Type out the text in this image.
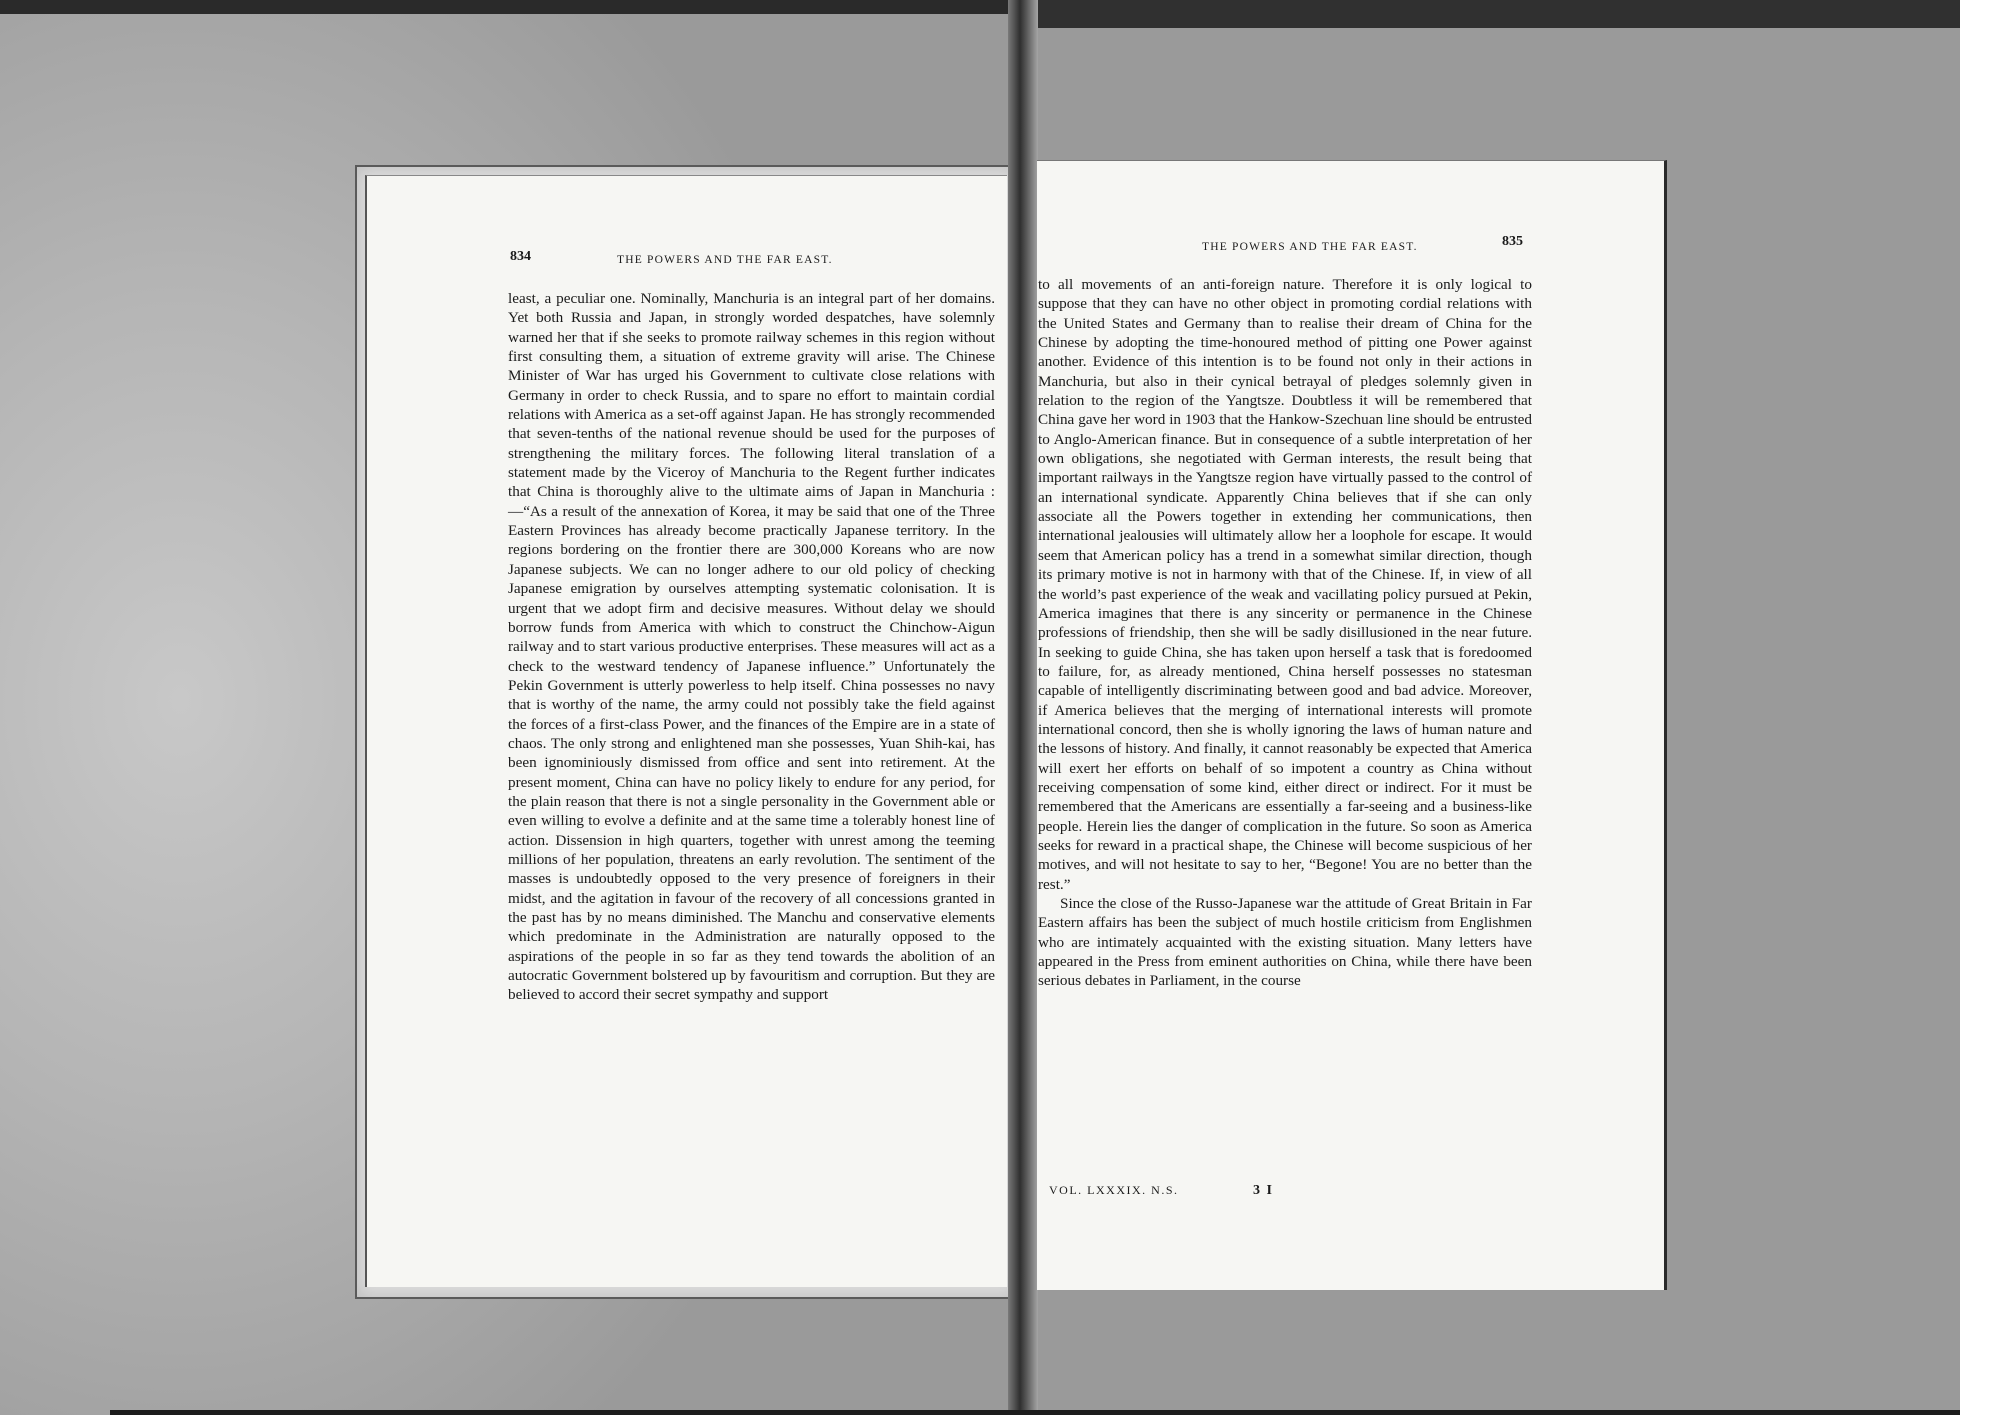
834	THE POWERS AND THE FAR EAST.

least, a peculiar one. Nominally, Manchuria is an integral part of her domains. Yet both Russia and Japan, in strongly worded despatches, have solemnly warned her that if she seeks to promote railway schemes in this region without first consulting them, a situation of extreme gravity will arise. The Chinese Minister of War has urged his Government to cultivate close relations with Germany in order to check Russia, and to spare no effort to maintain cordial relations with America as a set-off against Japan. He has strongly recommended that seven-tenths of the national revenue should be used for the purposes of strengthening the military forces. The following literal translation of a statement made by the Viceroy of Manchuria to the Regent further indicates that China is thoroughly alive to the ultimate aims of Japan in Manchuria :—“As a result of the annexation of Korea, it may be said that one of the Three Eastern Provinces has already become practically Japanese territory. In the regions bordering on the frontier there are 300,000 Koreans who are now Japanese subjects. We can no longer adhere to our old policy of checking Japanese emigration by ourselves attempting systematic colonisation. It is urgent that we adopt firm and decisive measures. Without delay we should borrow funds from America with which to construct the Chinchow-Aigun railway and to start various productive enterprises. These measures will act as a check to the westward tendency of Japanese influence.” Unfortunately the Pekin Government is utterly powerless to help itself. China possesses no navy that is worthy of the name, the army could not possibly take the field against the forces of a first-class Power, and the finances of the Empire are in a state of chaos. The only strong and enlightened man she possesses, Yuan Shih-kai, has been ignominiously dismissed from office and sent into retirement. At the present moment, China can have no policy likely to endure for any period, for the plain reason that there is not a single personality in the Government able or even willing to evolve a definite and at the same time a tolerably honest line of action. Dissension in high quarters, together with unrest among the teeming millions of her population, threatens an early revolution. The sentiment of the masses is undoubtedly opposed to the very presence of foreigners in their midst, and the agitation in favour of the recovery of all concessions granted in the past has by no means diminished. The Manchu and conservative elements which predominate in the Administration are naturally opposed to the aspirations of the people in so far as they tend towards the abolition of an autocratic Government bolstered up by favouritism and corruption. But they are believed to accord their secret sympathy and support

THE POWERS AND THE FAR EAST.	835

to all movements of an anti-foreign nature. Therefore it is only logical to suppose that they can have no other object in promoting cordial relations with the United States and Germany than to realise their dream of China for the Chinese by adopting the time-honoured method of pitting one Power against another. Evidence of this intention is to be found not only in their actions in Manchuria, but also in their cynical betrayal of pledges solemnly given in relation to the region of the Yangtsze. Doubtless it will be remembered that China gave her word in 1903 that the Hankow-Szechuan line should be entrusted to Anglo-American finance. But in consequence of a subtle interpretation of her own obligations, she negotiated with German interests, the result being that important railways in the Yangtsze region have virtually passed to the control of an international syndicate. Apparently China believes that if she can only associate all the Powers together in extending her communications, then international jealousies will ultimately allow her a loophole for escape. It would seem that American policy has a trend in a somewhat similar direction, though its primary motive is not in harmony with that of the Chinese. If, in view of all the world’s past experience of the weak and vacillating policy pursued at Pekin, America imagines that there is any sincerity or permanence in the Chinese professions of friendship, then she will be sadly disillusioned in the near future. In seeking to guide China, she has taken upon herself a task that is foredoomed to failure, for, as already mentioned, China herself possesses no statesman capable of intelligently discriminating between good and bad advice. Moreover, if America believes that the merging of international interests will promote international concord, then she is wholly ignoring the laws of human nature and the lessons of history. And finally, it cannot reasonably be expected that America will exert her efforts on behalf of so impotent a country as China without receiving compensation of some kind, either direct or indirect. For it must be remembered that the Americans are essentially a far-seeing and a business-like people. Herein lies the danger of complication in the future. So soon as America seeks for reward in a practical shape, the Chinese will become suspicious of her motives, and will not hesitate to say to her, “Begone! You are no better than the rest.”

Since the close of the Russo-Japanese war the attitude of Great Britain in Far Eastern affairs has been the subject of much hostile criticism from Englishmen who are intimately acquainted with the existing situation. Many letters have appeared in the Press from eminent authorities on China, while there have been serious debates in Parliament, in the course

VOL. LXXXIX. N.S.	3 I
